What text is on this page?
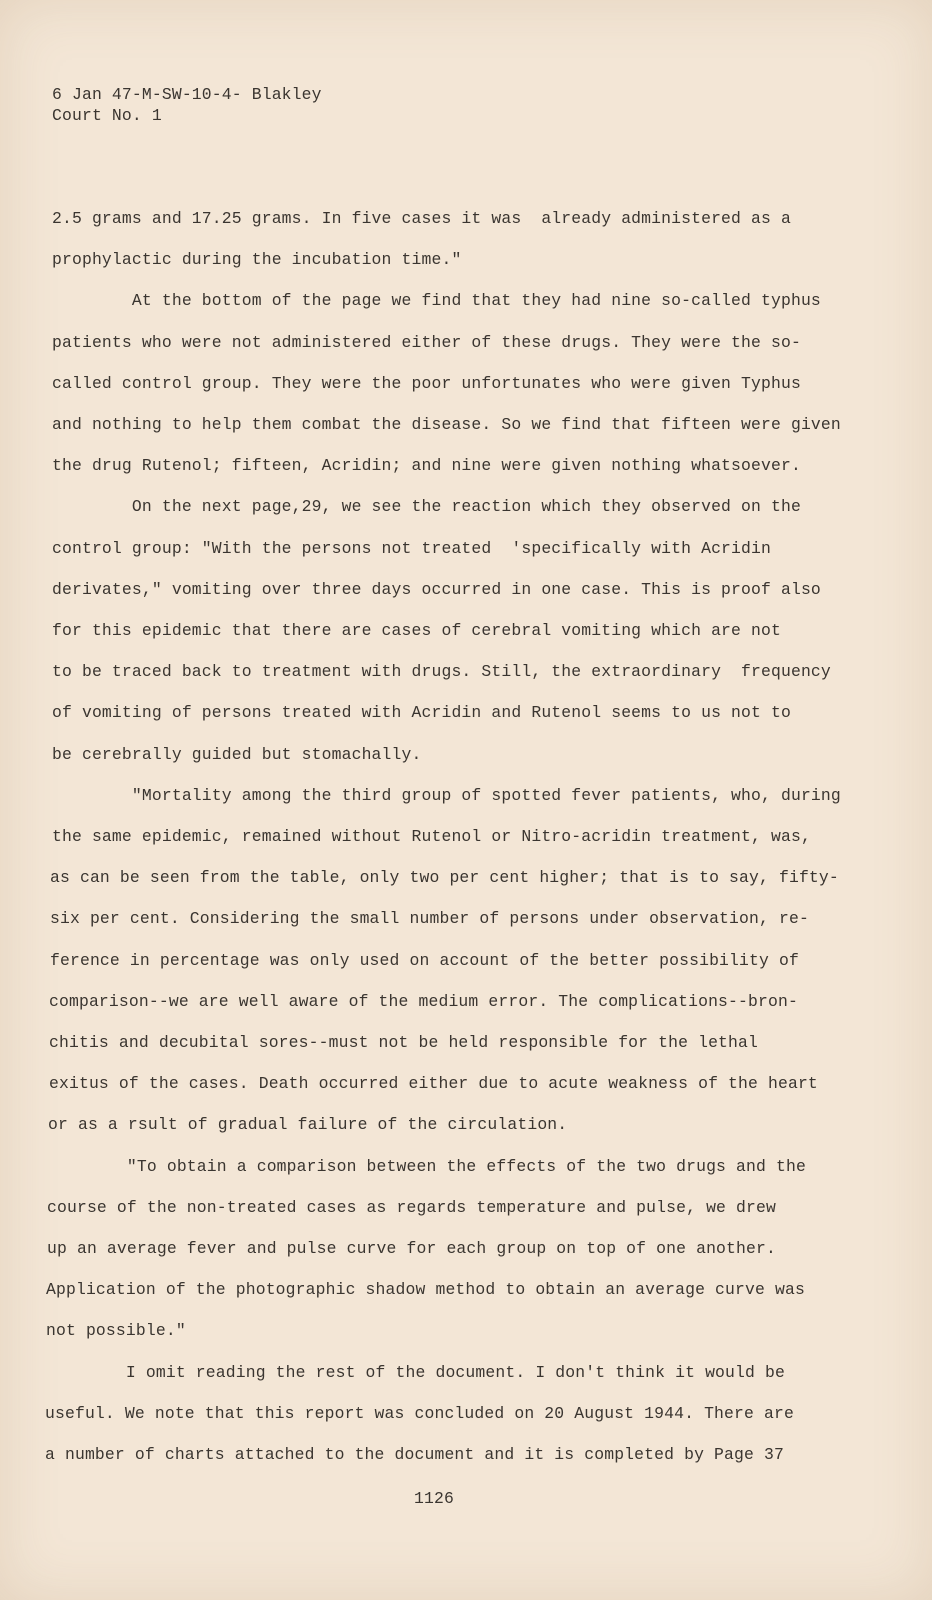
6 Jan 47-M-SW-10-4- Blakley
Court No. 1
2.5 grams and 17.25 grams. In five cases it was  already administered as a
prophylactic during the incubation time."
At the bottom of the page we find that they had nine so-called typhus
patients who were not administered either of these drugs. They were the so-
called control group. They were the poor unfortunates who were given Typhus
and nothing to help them combat the disease. So we find that fifteen were given
the drug Rutenol; fifteen, Acridin; and nine were given nothing whatsoever.
On the next page,29, we see the reaction which they observed on the
control group: "With the persons not treated  'specifically with Acridin
derivates," vomiting over three days occurred in one case. This is proof also
for this epidemic that there are cases of cerebral vomiting which are not
to be traced back to treatment with drugs. Still, the extraordinary  frequency
of vomiting of persons treated with Acridin and Rutenol seems to us not to
be cerebrally guided but stomachally.
"Mortality among the third group of spotted fever patients, who, during
the same epidemic, remained without Rutenol or Nitro-acridin treatment, was,
as can be seen from the table, only two per cent higher; that is to say, fifty-
six per cent. Considering the small number of persons under observation, re-
ference in percentage was only used on account of the better possibility of
comparison--we are well aware of the medium error. The complications--bron-
chitis and decubital sores--must not be held responsible for the lethal
exitus of the cases. Death occurred either due to acute weakness of the heart
or as a rsult of gradual failure of the circulation.
"To obtain a comparison between the effects of the two drugs and the
course of the non-treated cases as regards temperature and pulse, we drew
up an average fever and pulse curve for each group on top of one another.
Application of the photographic shadow method to obtain an average curve was
not possible."
I omit reading the rest of the document. I don't think it would be
useful. We note that this report was concluded on 20 August 1944. There are
a number of charts attached to the document and it is completed by Page 37
1126
